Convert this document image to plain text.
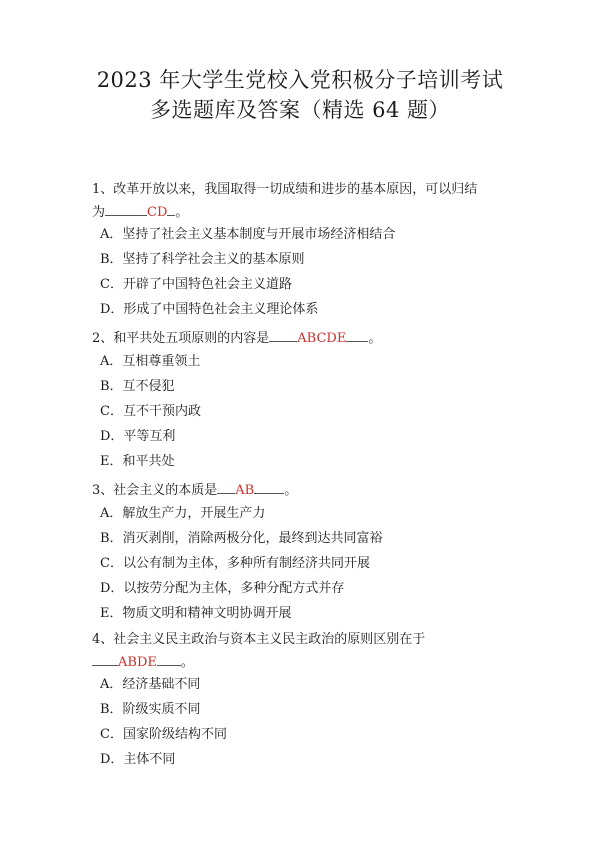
2023 年大学生党校入党积极分子培训考试
多选题库及答案（精选 64 题）
1、改革开放以来，我国取得一切成绩和进步的基本原因，可以归结
为	CD 。
A．坚持了社会主义基本制度与开展市场经济相结合
B．坚持了科学社会主义的基本原则
C．开辟了中国特色社会主义道路
D．形成了中国特色社会主义理论体系
2、和平共处五项原则的内容是 ABCDE 。
A．互相尊重领土
B．互不侵犯
C．互不干预内政
D．平等互利
E．和平共处
3、社会主义的本质是 AB 。
A．解放生产力，开展生产力
B．消灭剥削，消除两极分化，最终到达共同富裕
C．以公有制为主体，多种所有制经济共同开展
D．以按劳分配为主体，多种分配方式并存
E．物质文明和精神文明协调开展
4、社会主义民主政治与资本主义民主政治的原则区别在于
ABDE 。
A．经济基础不同
B．阶级实质不同
C．国家阶级结构不同
D．主体不同
